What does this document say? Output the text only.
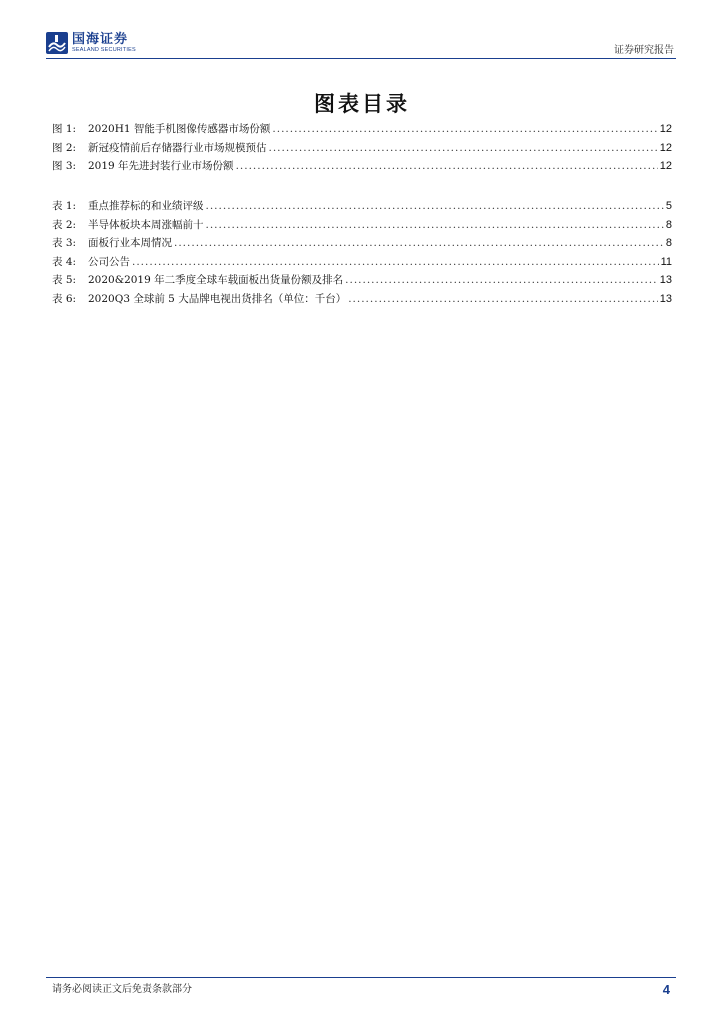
国海证券
SEALAND SECURITIES	证券研究报告
图表目录
图 1:	2020H1 智能手机图像传感器市场份额 .....	12
图 2:	新冠疫情前后存储器行业市场规模预估 .....	12
图 3:	2019 年先进封装行业市场份额 .....	12
表 1:	重点推荐标的和业绩评级 .....	5
表 2:	半导体板块本周涨幅前十 .....	8
表 3:	面板行业本周情况 .....	8
表 4:	公司公告 .....	11
表 5:	2020&2019 年二季度全球车载面板出货量份额及排名 .....	13
表 6:	2020Q3 全球前 5 大品牌电视出货排名（单位：千台） .....	13
请务必阅读正文后免责条款部分	4
